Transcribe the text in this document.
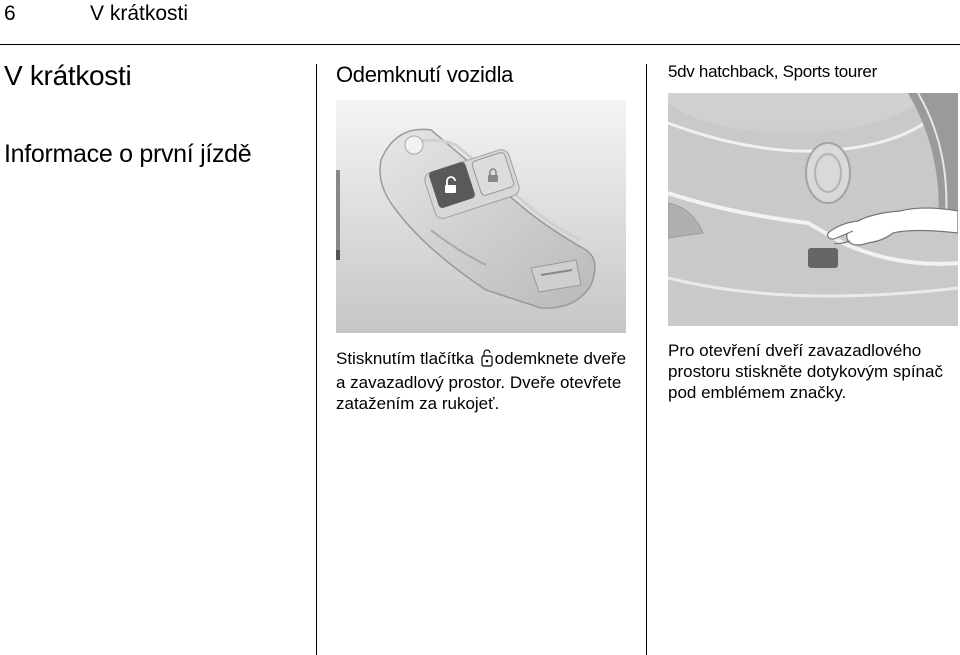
6	V krátkosti
V krátkosti
Informace o první jízdě
Odemknutí vozidla

Stisknutím tlačítka odemknete dveře a zavazadlový prostor. Dveře otevřete zatažením za rukojeť.

5dv hatchback, Sports tourer

Pro otevření dveří zavazadlového prostoru stiskněte dotykovým spínač pod emblémem značky.
